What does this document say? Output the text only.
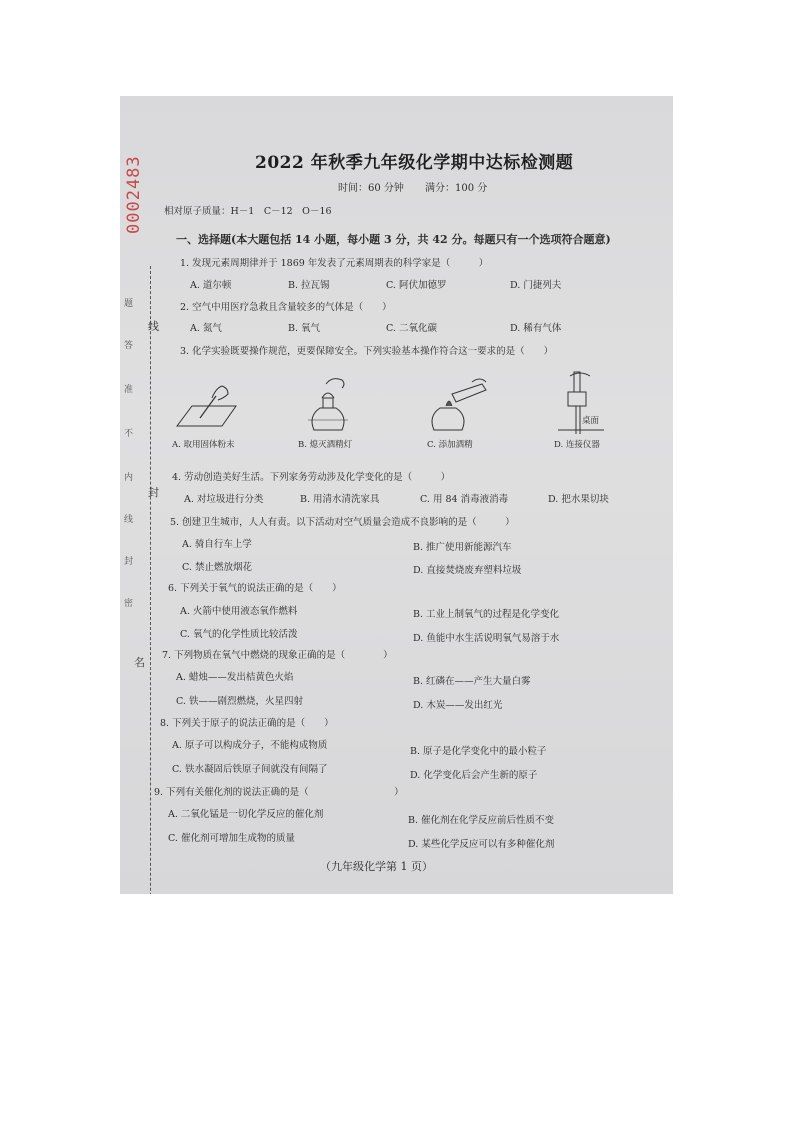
0002483
题
答
准
不
内
线
封
密
线
封
名
2022 年秋季九年级化学期中达标检测题
时间：60 分钟 满分：100 分
相对原子质量：H－1　C－12　O－16
一、选择题(本大题包括 14 小题，每小题 3 分，共 42 分。每题只有一个选项符合题意)
1. 发现元素周期律并于 1869 年发表了元素周期表的科学家是（　　　）
A. 道尔顿	B. 拉瓦锡	C. 阿伏加德罗	D. 门捷列夫
2. 空气中用医疗急救且含量较多的气体是（　　）
A. 氮气	B. 氧气	C. 二氧化碳	D. 稀有气体
3. 化学实验既要操作规范，更要保障安全。下列实验基本操作符合这一要求的是（　　）
桌面
A. 取用固体粉末	B. 熄灭酒精灯	C. 添加酒精	D. 连接仪器
4. 劳动创造美好生活。下列家务劳动涉及化学变化的是（　　　）
A. 对垃圾进行分类	B. 用清水清洗家具	C. 用 84 消毒液消毒	D. 把水果切块
5. 创建卫生城市，人人有责。以下活动对空气质量会造成不良影响的是（　　　）
A. 骑自行车上学	B. 推广使用新能源汽车
C. 禁止燃放烟花	D. 直接焚烧废弃塑料垃圾
6. 下列关于氧气的说法正确的是（　　）
A. 火箭中使用液态氧作燃料	B. 工业上制氧气的过程是化学变化
C. 氧气的化学性质比较活泼	D. 鱼能中水生活说明氧气易溶于水
7. 下列物质在氧气中燃烧的现象正确的是（　　　　）
A. 蜡烛——发出桔黄色火焰	B. 红磷在——产生大量白雾
C. 铁——剧烈燃烧，火星四射	D. 木炭——发出红光
8. 下列关于原子的说法正确的是（　　）
A. 原子可以构成分子，不能构成物质
B. 原子是化学变化中的最小粒子
C. 铁水凝固后铁原子间就没有间隔了
D. 化学变化后会产生新的原子
9. 下列有关催化剂的说法正确的是（　　　　　　　　　）
A. 二氧化锰是一切化学反应的催化剂
B. 催化剂在化学反应前后性质不变
C. 催化剂可增加生成物的质量
D. 某些化学反应可以有多种催化剂
（九年级化学第 1 页）
